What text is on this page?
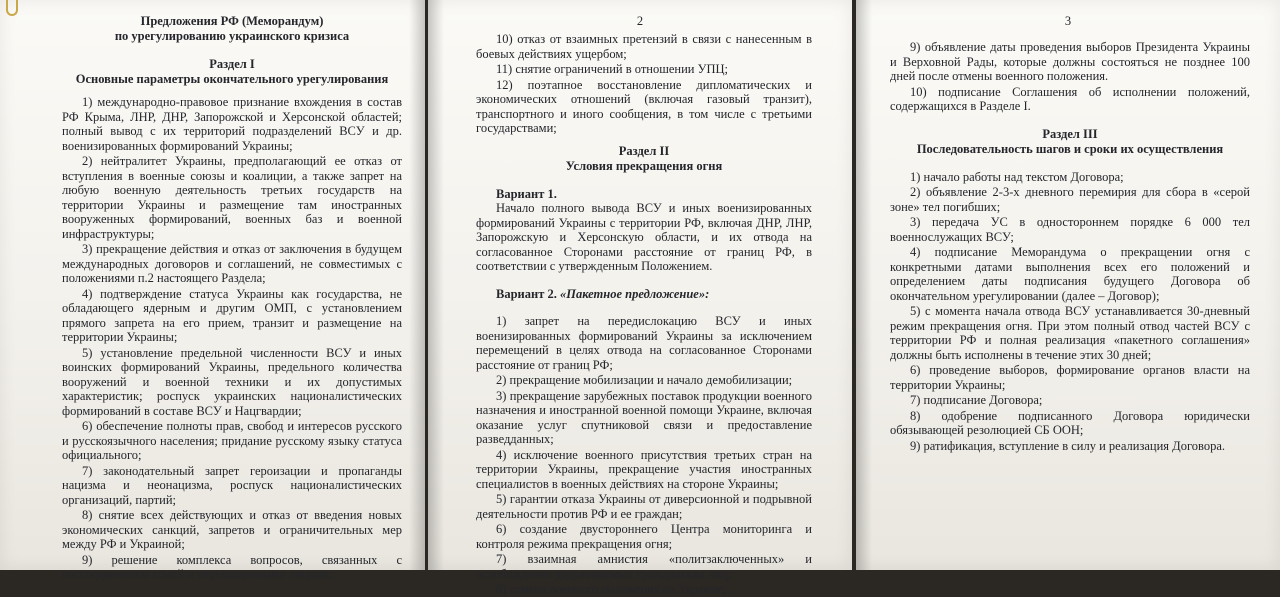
Предложения РФ (Меморандум)
по урегулированию украинского кризиса
Раздел I
Основные параметры окончательного урегулирования
1) международно-правовое признание вхождения в состав РФ Крыма, ЛНР, ДНР, Запорожской и Херсонской областей; полный вывод с их территорий подразделений ВСУ и др. военизированных формирований Украины;
2) нейтралитет Украины, предполагающий ее отказ от вступления в военные союзы и коалиции, а также запрет на любую военную деятельность третьих государств на территории Украины и размещение там иностранных вооруженных формирований, военных баз и военной инфраструктуры;
3) прекращение действия и отказ от заключения в будущем международных договоров и соглашений, не совместимых с положениями п.2 настоящего Раздела;
4) подтверждение статуса Украины как государства, не обладающего ядерным и другим ОМП, с установлением прямого запрета на его прием, транзит и размещение на территории Украины;
5) установление предельной численности ВСУ и иных воинских формирований Украины, предельного количества вооружений и военной техники и их допустимых характеристик; роспуск украинских националистических формирований в составе ВСУ и Нацгвардии;
6) обеспечение полноты прав, свобод и интересов русского и русскоязычного населения; придание русскому языку статуса официального;
7) законодательный запрет героизации и пропаганды нацизма и неонацизма, роспуск националистических организаций, партий;
8) снятие всех действующих и отказ от введения новых экономических санкций, запретов и ограничительных мер между РФ и Украиной;
9) решение комплекса вопросов, связанных с воссоединением семей и перемещенными лицами;
2
10) отказ от взаимных претензий в связи с нанесенным в боевых действиях ущербом;
11) снятие ограничений в отношении УПЦ;
12) поэтапное восстановление дипломатических и экономических отношений (включая газовый транзит), транспортного и иного сообщения, в том числе с третьими государствами;
Раздел II
Условия прекращения огня
Вариант 1.
Начало полного вывода ВСУ и иных военизированных формирований Украины с территории РФ, включая ДНР, ЛНР, Запорожскую и Херсонскую области, и их отвода на согласованное Сторонами расстояние от границ РФ, в соответствии с утвержденным Положением.
Вариант 2. «Пакетное предложение»:
1) запрет на передислокацию ВСУ и иных военизированных формирований Украины за исключением перемещений в целях отвода на согласованное Сторонами расстояние от границ РФ;
2) прекращение мобилизации и начало демобилизации;
3) прекращение зарубежных поставок продукции военного назначения и иностранной военной помощи Украине, включая оказание услуг спутниковой связи и предоставление разведданных;
4) исключение военного присутствия третьих стран на территории Украины, прекращение участия иностранных специалистов в военных действиях на стороне Украины;
5) гарантии отказа Украины от диверсионной и подрывной деятельности против РФ и ее граждан;
6) создание двустороннего Центра мониторинга и контроля режима прекращения огня;
7) взаимная амнистия «политзаключенных» и освобождение удерживаемых гражданских лиц;
8) отмена военного положения на Украине;
3
9) объявление даты проведения выборов Президента Украины и Верховной Рады, которые должны состояться не позднее 100 дней после отмены военного положения.
10) подписание Соглашения об исполнении положений, содержащихся в Разделе I.
Раздел III
Последовательность шагов и сроки их осуществления
1) начало работы над текстом Договора;
2) объявление 2-3-х дневного перемирия для сбора в «серой зоне» тел погибших;
3) передача УС в одностороннем порядке 6 000 тел военнослужащих ВСУ;
4) подписание Меморандума о прекращении огня с конкретными датами выполнения всех его положений и определением даты подписания будущего Договора об окончательном урегулировании (далее – Договор);
5) с момента начала отвода ВСУ устанавливается 30-дневный режим прекращения огня. При этом полный отвод частей ВСУ с территории РФ и полная реализация «пакетного соглашения» должны быть исполнены в течение этих 30 дней;
6) проведение выборов, формирование органов власти на территории Украины;
7) подписание Договора;
8) одобрение подписанного Договора юридически обязывающей резолюцией СБ ООН;
9) ратификация, вступление в силу и реализация Договора.
